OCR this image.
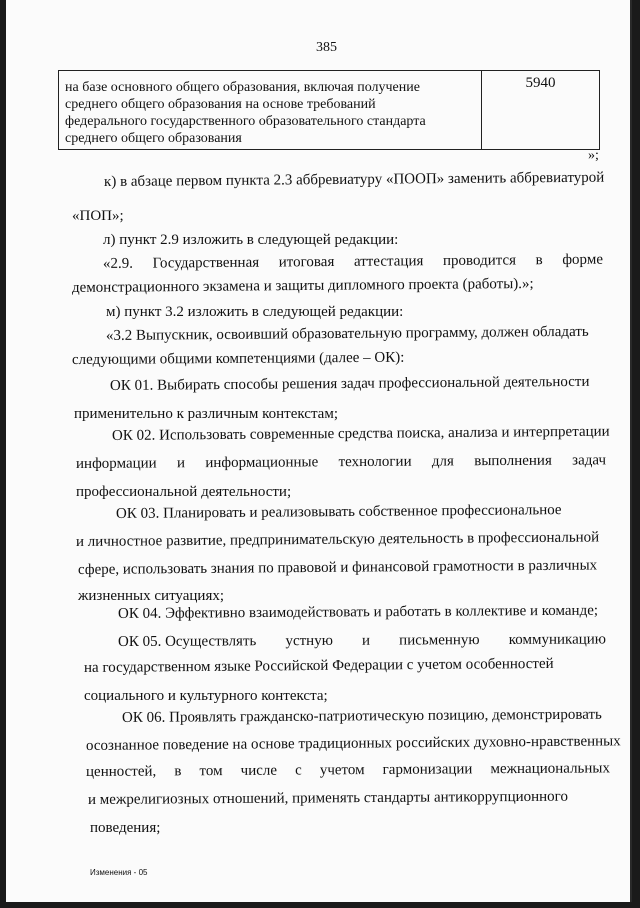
385
на базе основного общего образования, включая получение
среднего общего образования на основе требований
федерального государственного образовательного стандарта
среднего общего образования
	5940
»;
к) в абзаце первом пункта 2.3 аббревиатуру «ПООП» заменить аббревиатурой
«ПОП»;
л) пункт 2.9 изложить в следующей редакции:
«2.9. Государственная итоговая аттестация проводится в форме
демонстрационного экзамена и защиты дипломного проекта (работы).»;
м) пункт 3.2 изложить в следующей редакции:
«3.2 Выпускник, освоивший образовательную программу, должен обладать
следующими общими компетенциями (далее – ОК):
ОК 01. Выбирать способы решения задач профессиональной деятельности
применительно к различным контекстам;
ОК 02. Использовать современные средства поиска, анализа и интерпретации
информации и информационные технологии для выполнения задач
профессиональной деятельности;
ОК 03. Планировать и реализовывать собственное профессиональное
и личностное развитие, предпринимательскую деятельность в профессиональной
сфере, использовать знания по правовой и финансовой грамотности в различных
жизненных ситуациях;
ОК 04. Эффективно взаимодействовать и работать в коллективе и команде;
ОК 05. Осуществлять устную и письменную коммуникацию
на государственном языке Российской Федерации с учетом особенностей
социального и культурного контекста;
ОК 06. Проявлять гражданско-патриотическую позицию, демонстрировать
осознанное поведение на основе традиционных российских духовно-нравственных
ценностей, в том числе с учетом гармонизации межнациональных
и межрелигиозных отношений, применять стандарты антикоррупционного
поведения;
Изменения - 05
